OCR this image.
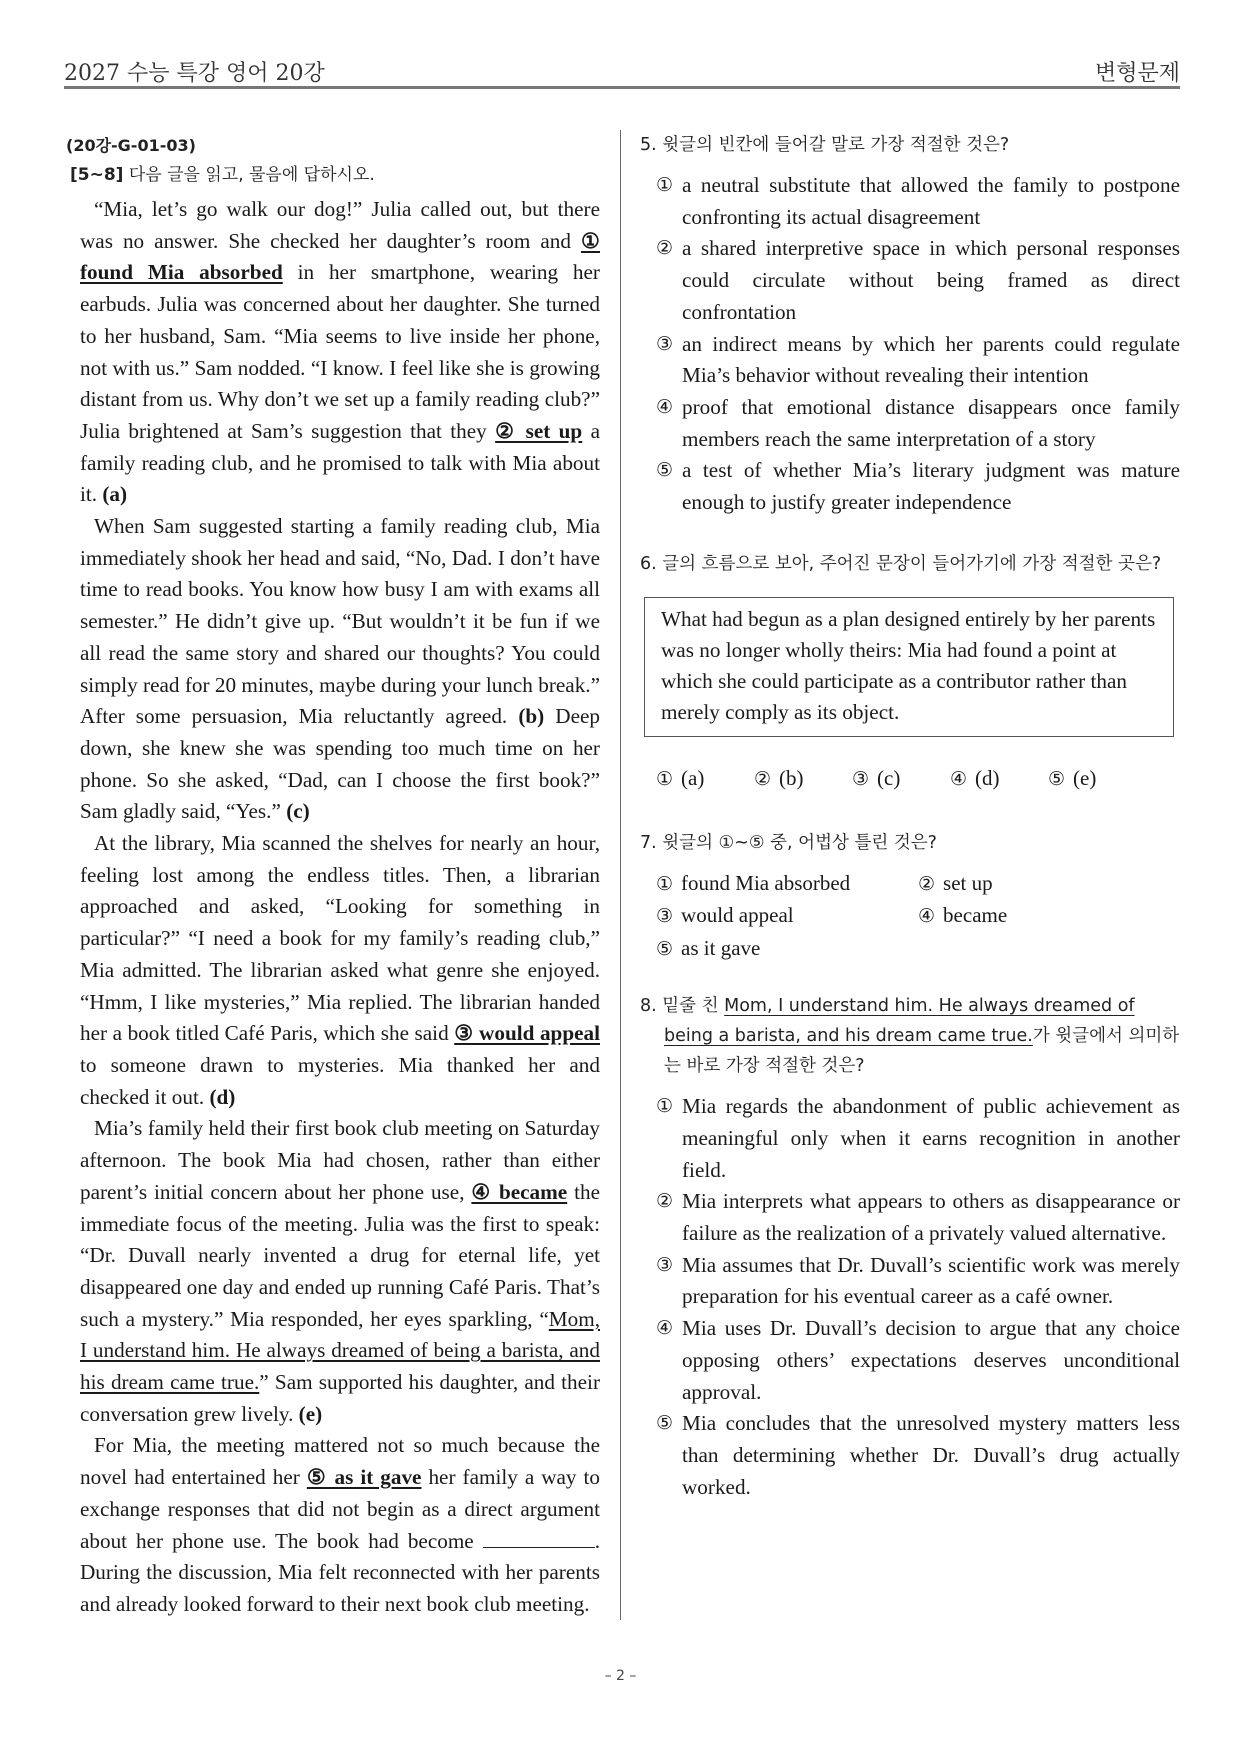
2027 수능 특강 영어 20강	변형문제
(20강-G-01-03)
[5~8] 다음 글을 읽고, 물음에 답하시오.

“Mia, let’s go walk our dog!” Julia called out, but there was no answer. She checked her daughter’s room and ① found Mia absorbed in her smartphone, wearing her earbuds. Julia was concerned about her daughter. She turned to her husband, Sam. “Mia seems to live inside her phone, not with us.” Sam nodded. “I know. I feel like she is growing distant from us. Why don’t we set up a family reading club?” Julia brightened at Sam’s suggestion that they ② set up a family reading club, and he promised to talk with Mia about it. (a)

When Sam suggested starting a family reading club, Mia immediately shook her head and said, “No, Dad. I don’t have time to read books. You know how busy I am with exams all semester.” He didn’t give up. “But wouldn’t it be fun if we all read the same story and shared our thoughts? You could simply read for 20 minutes, maybe during your lunch break.” After some persuasion, Mia reluctantly agreed. (b) Deep down, she knew she was spending too much time on her phone. So she asked, “Dad, can I choose the first book?” Sam gladly said, “Yes.” (c)

At the library, Mia scanned the shelves for nearly an hour, feeling lost among the endless titles. Then, a librarian approached and asked, “Looking for something in particular?” “I need a book for my family’s reading club,” Mia admitted. The librarian asked what genre she enjoyed. “Hmm, I like mysteries,” Mia replied. The librarian handed her a book titled Café Paris, which she said ③ would appeal to someone drawn to mysteries. Mia thanked her and checked it out. (d)

Mia’s family held their first book club meeting on Saturday afternoon. The book Mia had chosen, rather than either parent’s initial concern about her phone use, ④ became the immediate focus of the meeting. Julia was the first to speak: “Dr. Duvall nearly invented a drug for eternal life, yet disappeared one day and ended up running Café Paris. That’s such a mystery.” Mia responded, her eyes sparkling, “Mom, I understand him. He always dreamed of being a barista, and his dream came true.” Sam supported his daughter, and their conversation grew lively. (e)

For Mia, the meeting mattered not so much because the novel had entertained her ⑤ as it gave her family a way to exchange responses that did not begin as a direct argument about her phone use. The book had become	. During the discussion, Mia felt reconnected with her parents and already looked forward to their next book club meeting.

5. 윗글의 빈칸에 들어갈 말로 가장 적절한 것은?
① a neutral substitute that allowed the family to postpone confronting its actual disagreement
② a shared interpretive space in which personal responses could circulate without being framed as direct confrontation
③ an indirect means by which her parents could regulate Mia’s behavior without revealing their intention
④ proof that emotional distance disappears once family members reach the same interpretation of a story
⑤ a test of whether Mia’s literary judgment was mature enough to justify greater independence
6. 글의 흐름으로 보아, 주어진 문장이 들어가기에 가장 적절한 곳은?
What had begun as a plan designed entirely by her parents was no longer wholly theirs: Mia had found a point at which she could participate as a contributor rather than merely comply as its object.
① (a)	② (b)	③ (c)	④ (d)	⑤ (e)
7. 윗글의 ①~⑤ 중, 어법상 틀린 것은?
① found Mia absorbed	② set up
③ would appeal	④ became
⑤ as it gave
8. 밑줄 친 Mom, I understand him. He always dreamed of being a barista, and his dream came true.가 윗글에서 의미하는 바로 가장 적절한 것은?
① Mia regards the abandonment of public achievement as meaningful only when it earns recognition in another field.
② Mia interprets what appears to others as disappearance or failure as the realization of a privately valued alternative.
③ Mia assumes that Dr. Duvall’s scientific work was merely preparation for his eventual career as a café owner.
④ Mia uses Dr. Duvall’s decision to argue that any choice opposing others’ expectations deserves unconditional approval.
⑤ Mia concludes that the unresolved mystery matters less than determining whether Dr. Duvall’s drug actually worked.
– 2 –
